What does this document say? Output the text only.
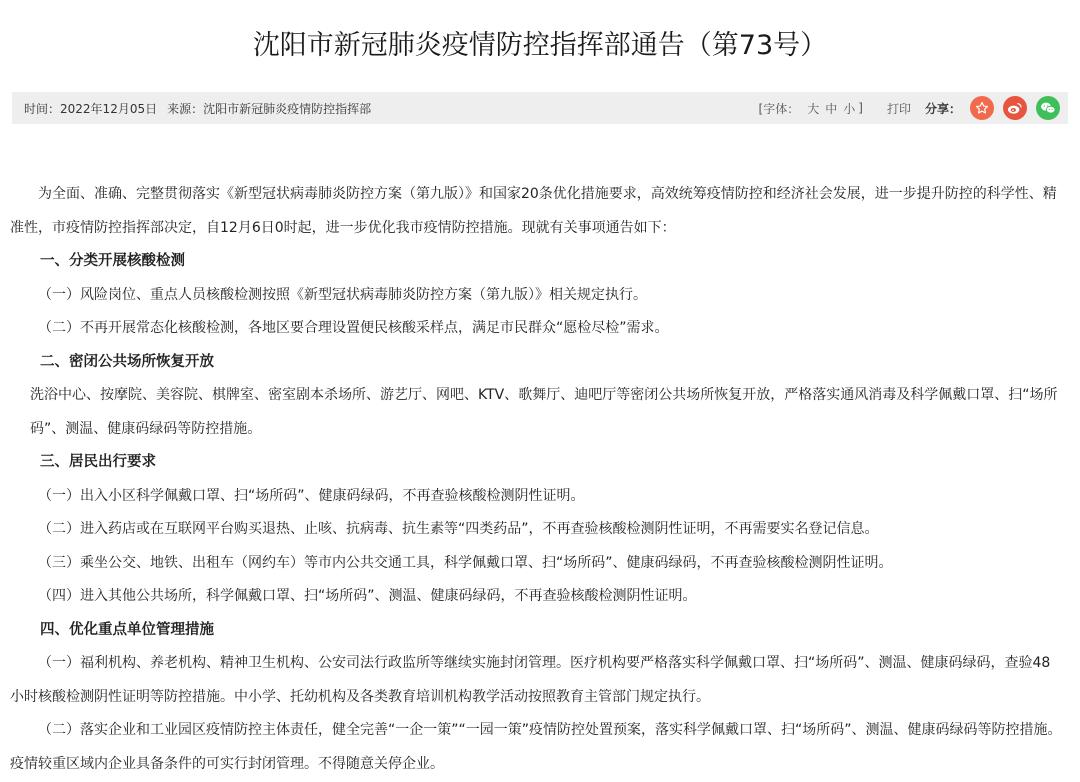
沈阳市新冠肺炎疫情防控指挥部通告（第73号）
时间： 2022年12月05日 来源： 沈阳市新冠肺炎疫情防控指挥部	[字体： 大 中 小 ] 打印 分享：

为全面、准确、完整贯彻落实《新型冠状病毒肺炎防控方案（第九版）》和国家20条优化措施要求，高效统筹疫情防控和经济社会发展，进一步提升防控的科学性、精准性，市疫情防控指挥部决定，自12月6日0时起，进一步优化我市疫情防控措施。现就有关事项通告如下：

一、分类开展核酸检测

（一）风险岗位、重点人员核酸检测按照《新型冠状病毒肺炎防控方案（第九版）》相关规定执行。

（二）不再开展常态化核酸检测，各地区要合理设置便民核酸采样点，满足市民群众“愿检尽检”需求。

二、密闭公共场所恢复开放

洗浴中心、按摩院、美容院、棋牌室、密室剧本杀场所、游艺厅、网吧、KTV、歌舞厅、迪吧厅等密闭公共场所恢复开放，严格落实通风消毒及科学佩戴口罩、扫“场所码”、测温、健康码绿码等防控措施。

三、居民出行要求

（一）出入小区科学佩戴口罩、扫“场所码”、健康码绿码，不再查验核酸检测阴性证明。

（二）进入药店或在互联网平台购买退热、止咳、抗病毒、抗生素等“四类药品”，不再查验核酸检测阴性证明，不再需要实名登记信息。

（三）乘坐公交、地铁、出租车（网约车）等市内公共交通工具，科学佩戴口罩、扫“场所码”、健康码绿码，不再查验核酸检测阴性证明。

（四）进入其他公共场所，科学佩戴口罩、扫“场所码”、测温、健康码绿码，不再查验核酸检测阴性证明。

四、优化重点单位管理措施

（一）福利机构、养老机构、精神卫生机构、公安司法行政监所等继续实施封闭管理。医疗机构要严格落实科学佩戴口罩、扫“场所码”、测温、健康码绿码，查验48小时核酸检测阴性证明等防控措施。中小学、托幼机构及各类教育培训机构教学活动按照教育主管部门规定执行。

（二）落实企业和工业园区疫情防控主体责任，健全完善“一企一策”“一园一策”疫情防控处置预案，落实科学佩戴口罩、扫“场所码”、测温、健康码绿码等防控措施。疫情较重区域内企业具备条件的可实行封闭管理。不得随意关停企业。
